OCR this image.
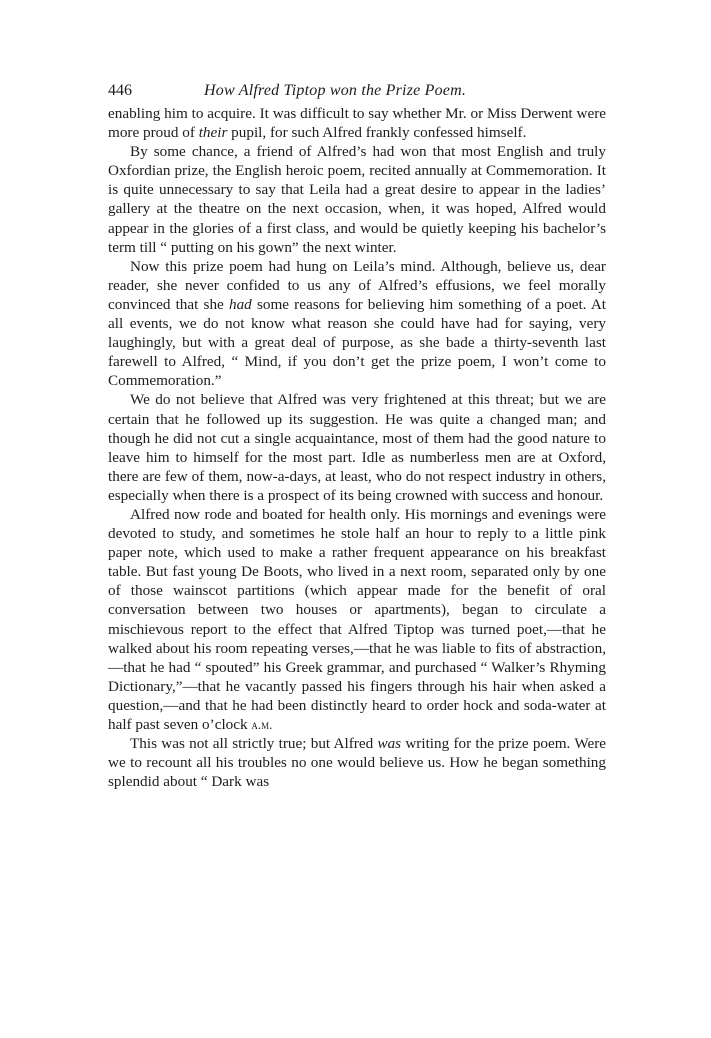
446	How Alfred Tiptop won the Prize Poem.

enabling him to acquire. It was difficult to say whether Mr. or Miss Derwent were more proud of their pupil, for such Alfred frankly confessed himself.

By some chance, a friend of Alfred’s had won that most English and truly Oxfordian prize, the English heroic poem, recited annually at Commemoration. It is quite unnecessary to say that Leila had a great desire to appear in the ladies’ gallery at the theatre on the next occasion, when, it was hoped, Alfred would appear in the glories of a first class, and would be quietly keeping his bachelor’s term till “ putting on his gown” the next winter.

Now this prize poem had hung on Leila’s mind. Although, believe us, dear reader, she never confided to us any of Alfred’s effusions, we feel morally convinced that she had some reasons for believing him something of a poet. At all events, we do not know what reason she could have had for saying, very laughingly, but with a great deal of purpose, as she bade a thirty-seventh last farewell to Alfred, “ Mind, if you don’t get the prize poem, I won’t come to Commemoration.”

We do not believe that Alfred was very frightened at this threat; but we are certain that he followed up its suggestion. He was quite a changed man; and though he did not cut a single acquaintance, most of them had the good nature to leave him to himself for the most part. Idle as numberless men are at Oxford, there are few of them, now-a-days, at least, who do not respect industry in others, especially when there is a prospect of its being crowned with success and honour.

Alfred now rode and boated for health only. His mornings and evenings were devoted to study, and sometimes he stole half an hour to reply to a little pink paper note, which used to make a rather frequent appearance on his breakfast table. But fast young De Boots, who lived in a next room, separated only by one of those wainscot partitions (which appear made for the benefit of oral conversation between two houses or apartments), began to circulate a mischievous report to the effect that Alfred Tiptop was turned poet,—that he walked about his room repeating verses,—that he was liable to fits of abstraction, —that he had “ spouted” his Greek grammar, and purchased “ Walker’s Rhyming Dictionary,”—that he vacantly passed his fingers through his hair when asked a question,—and that he had been distinctly heard to order hock and soda-water at half past seven o’clock a.m.

This was not all strictly true; but Alfred was writing for the prize poem. Were we to recount all his troubles no one would believe us. How he began something splendid about “ Dark was
